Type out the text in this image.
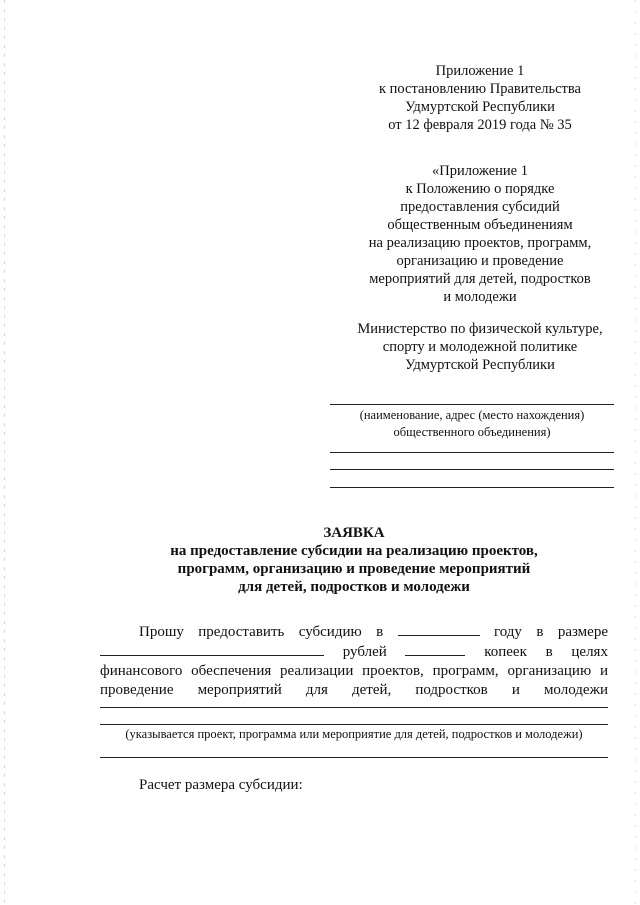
Приложение 1
к постановлению Правительства
Удмуртской Республики
от 12 февраля 2019 года № 35
«Приложение 1
к Положению о порядке
предоставления субсидий
общественным объединениям
на реализацию проектов, программ,
организацию и проведение
мероприятий для детей, подростков
и молодежи
Министерство по физической культуре,
спорту и молодежной политике
Удмуртской Республики
(наименование, адрес (место нахождения)
общественного объединения)
ЗАЯВКА
на предоставление субсидии на реализацию проектов,
программ, организацию и проведение мероприятий
для детей, подростков и молодежи
Прошу предоставить субсидию в	году в размере
рублей	копеек в целях
финансового обеспечения реализации проектов, программ, организацию и
проведение мероприятий для детей, подростков и молодежи
(указывается проект, программа или мероприятие для детей, подростков и молодежи)
Расчет размера субсидии:
